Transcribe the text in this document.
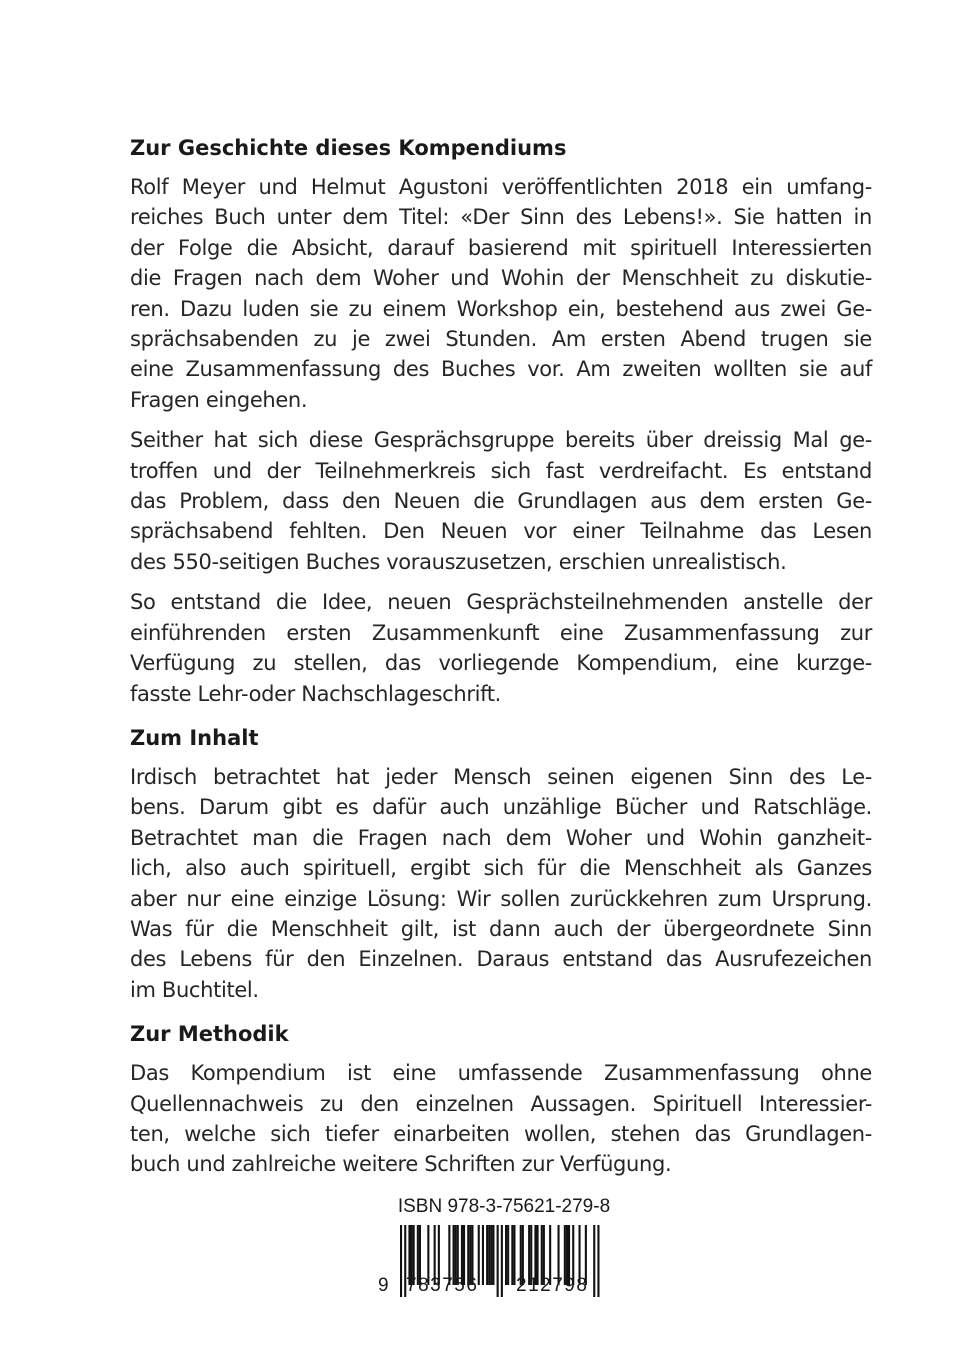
Zur Geschichte dieses Kompendiums
Rolf Meyer und Helmut Agustoni veröffentlichten 2018 ein umfang-
reiches Buch unter dem Titel: «Der Sinn des Lebens!». Sie hatten in
der Folge die Absicht, darauf basierend mit spirituell Interessierten
die Fragen nach dem Woher und Wohin der Menschheit zu diskutie-
ren. Dazu luden sie zu einem Workshop ein, bestehend aus zwei Ge-
sprächsabenden zu je zwei Stunden. Am ersten Abend trugen sie
eine Zusammenfassung des Buches vor. Am zweiten wollten sie auf
Fragen eingehen.
Seither hat sich diese Gesprächsgruppe bereits über dreissig Mal ge-
troffen und der Teilnehmerkreis sich fast verdreifacht. Es entstand
das Problem, dass den Neuen die Grundlagen aus dem ersten Ge-
sprächsabend fehlten. Den Neuen vor einer Teilnahme das Lesen
des 550-seitigen Buches vorauszusetzen, erschien unrealistisch.
So entstand die Idee, neuen Gesprächsteilnehmenden anstelle der
einführenden ersten Zusammenkunft eine Zusammenfassung zur
Verfügung zu stellen, das vorliegende Kompendium, eine kurzge-
fasste Lehr-oder Nachschlageschrift.
Zum Inhalt
Irdisch betrachtet hat jeder Mensch seinen eigenen Sinn des Le-
bens. Darum gibt es dafür auch unzählige Bücher und Ratschläge.
Betrachtet man die Fragen nach dem Woher und Wohin ganzheit-
lich, also auch spirituell, ergibt sich für die Menschheit als Ganzes
aber nur eine einzige Lösung: Wir sollen zurückkehren zum Ursprung.
Was für die Menschheit gilt, ist dann auch der übergeordnete Sinn
des Lebens für den Einzelnen. Daraus entstand das Ausrufezeichen
im Buchtitel.
Zur Methodik
Das Kompendium ist eine umfassende Zusammenfassung ohne
Quellennachweis zu den einzelnen Aussagen. Spirituell Interessier-
ten, welche sich tiefer einarbeiten wollen, stehen das Grundlagen-
buch und zahlreiche weitere Schriften zur Verfügung.
ISBN 978-3-75621-279-8
9 783756 212798
